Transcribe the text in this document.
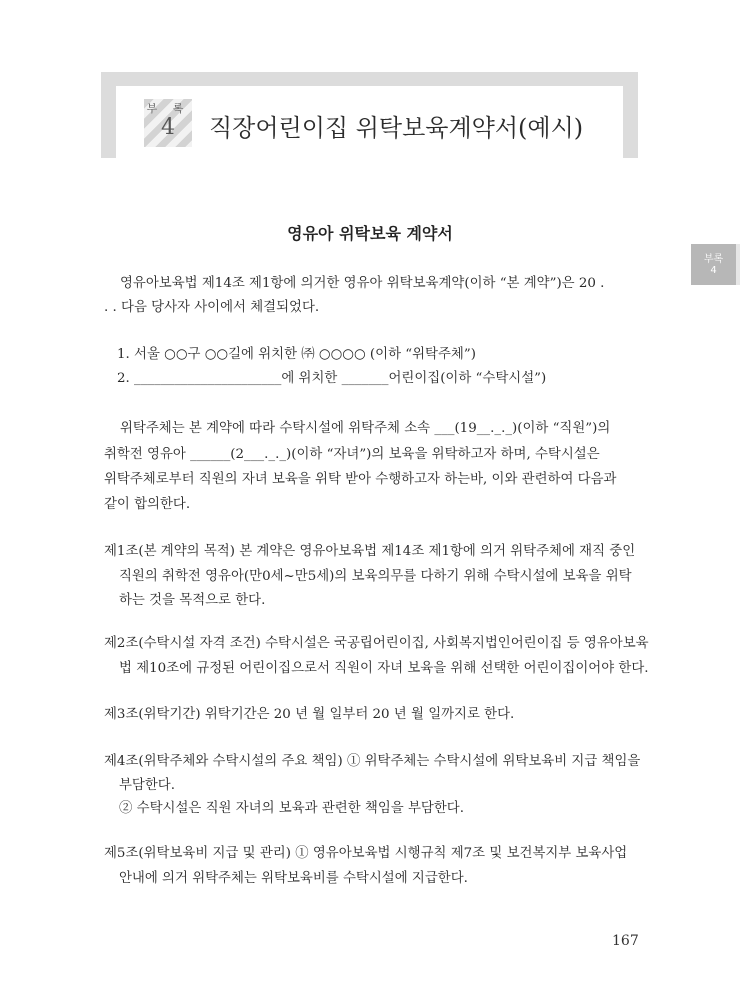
부 록
4	직장어린이집 위탁보육계약서(예시)
부록
4
영유아 위탁보육 계약서
영유아보육법 제14조 제1항에 의거한 영유아 위탁보육계약(이하 “본 계약”)은 20 .
. . 다음 당사자 사이에서 체결되었다.
1. 서울 ○○구 ○○길에 위치한 ㈜ ○○○○ (이하 “위탁주체”)
2. ______________________에 위치한 _______어린이집(이하 “수탁시설”)
위탁주체는 본 계약에 따라 수탁시설에 위탁주체 소속 ___(19__._._)(이하 “직원”)의
취학전 영유아 ______(2___._._)(이하 “자녀”)의 보육을 위탁하고자 하며, 수탁시설은
위탁주체로부터 직원의 자녀 보육을 위탁 받아 수행하고자 하는바, 이와 관련하여 다음과
같이 합의한다.
제1조(본 계약의 목적) 본 계약은 영유아보육법 제14조 제1항에 의거 위탁주체에 재직 중인
직원의 취학전 영유아(만0세~만5세)의 보육의무를 다하기 위해 수탁시설에 보육을 위탁
하는 것을 목적으로 한다.
제2조(수탁시설 자격 조건) 수탁시설은 국공립어린이집, 사회복지법인어린이집 등 영유아보육
법 제10조에 규정된 어린이집으로서 직원이 자녀 보육을 위해 선택한 어린이집이어야 한다.
제3조(위탁기간) 위탁기간은 20 년 월 일부터 20 년 월 일까지로 한다.
제4조(위탁주체와 수탁시설의 주요 책임) ① 위탁주체는 수탁시설에 위탁보육비 지급 책임을
부담한다.
② 수탁시설은 직원 자녀의 보육과 관련한 책임을 부담한다.
제5조(위탁보육비 지급 및 관리) ① 영유아보육법 시행규칙 제7조 및 보건복지부 보육사업
안내에 의거 위탁주체는 위탁보육비를 수탁시설에 지급한다.
167
